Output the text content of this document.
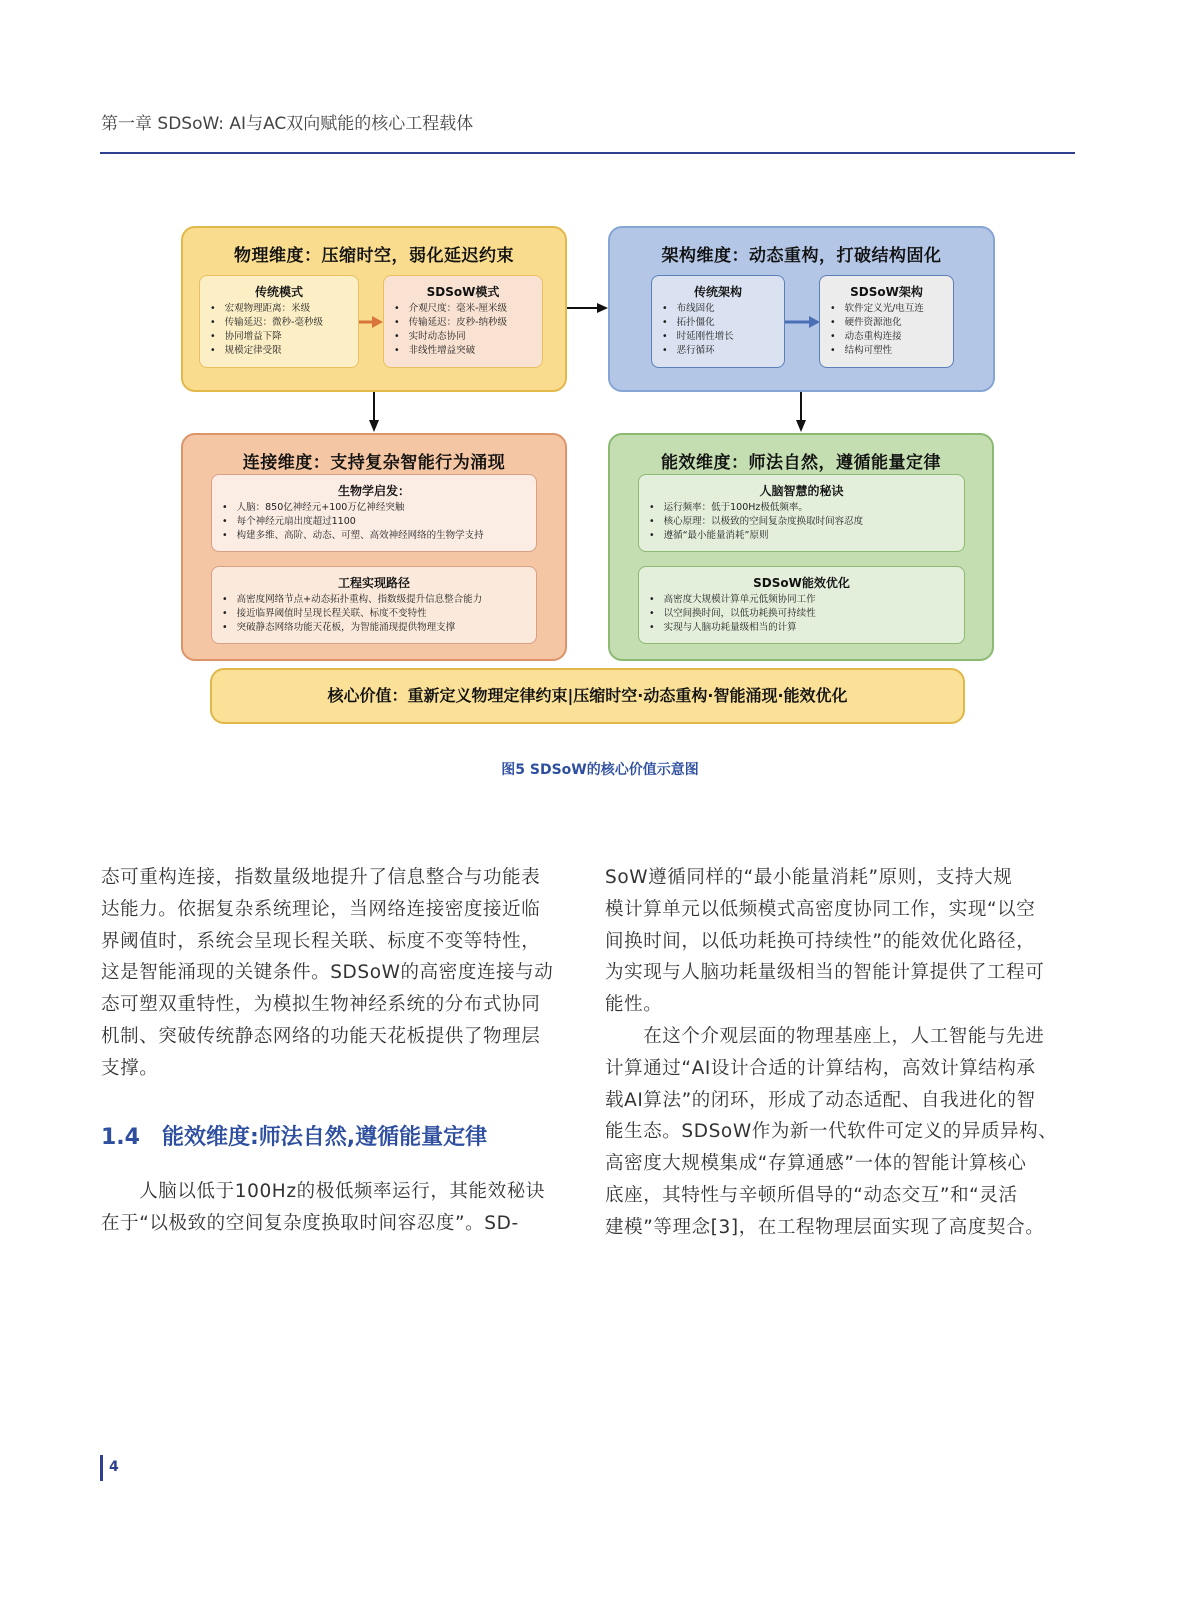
第一章 SDSoW: AI与AC双向赋能的核心工程载体
物理维度：压缩时空，弱化延迟约束
传统模式
• 宏观物理距离：米级
• 传输延迟：微秒-毫秒级
• 协同增益下降
• 规模定律受限
SDSoW模式
• 介观尺度：毫米-厘米级
• 传输延迟：皮秒-纳秒级
• 实时动态协同
• 非线性增益突破
架构维度：动态重构，打破结构固化
传统架构
• 布线固化
• 拓扑僵化
• 时延刚性增长
• 恶行循环
SDSoW架构
• 软件定义光/电互连
• 硬件资源池化
• 动态重构连接
• 结构可塑性
连接维度：支持复杂智能行为涌现
生物学启发：
• 人脑：850亿神经元+100万亿神经突触
• 每个神经元扇出度超过1100
• 构建多维、高阶、动态、可塑、高效神经网络的生物学支持
工程实现路径
• 高密度网络节点+动态拓扑重构、指数级提升信息整合能力
• 接近临界阈值时呈现长程关联、标度不变特性
• 突破静态网络功能天花板，为智能涌现提供物理支撑
能效维度：师法自然，遵循能量定律
人脑智慧的秘诀
• 运行频率：低于100Hz极低频率。
• 核心原理：以极致的空间复杂度换取时间容忍度
• 遵循“最小能量消耗”原则
SDSoW能效优化
• 高密度大规模计算单元低频协同工作
• 以空间换时间，以低功耗换可持续性
• 实现与人脑功耗量级相当的计算
核心价值：重新定义物理定律约束|压缩时空·动态重构·智能涌现·能效优化
图5 SDSoW的核心价值示意图
态可重构连接，指数量级地提升了信息整合与功能表
达能力。依据复杂系统理论，当网络连接密度接近临
界阈值时，系统会呈现长程关联、标度不变等特性，
这是智能涌现的关键条件。SDSoW的高密度连接与动
态可塑双重特性，为模拟生物神经系统的分布式协同
机制、突破传统静态网络的功能天花板提供了物理层
支撑。
1.4 能效维度:师法自然,遵循能量定律
　　人脑以低于100Hz的极低频率运行，其能效秘诀
在于“以极致的空间复杂度换取时间容忍度”。SD-
SoW遵循同样的“最小能量消耗”原则，支持大规
模计算单元以低频模式高密度协同工作，实现“以空
间换时间，以低功耗换可持续性”的能效优化路径，
为实现与人脑功耗量级相当的智能计算提供了工程可
能性。
　　在这个介观层面的物理基座上，人工智能与先进
计算通过“AI设计合适的计算结构，高效计算结构承
载AI算法”的闭环，形成了动态适配、自我进化的智
能生态。SDSoW作为新一代软件可定义的异质异构、
高密度大规模集成“存算通感”一体的智能计算核心
底座，其特性与辛顿所倡导的“动态交互”和“灵活
建模”等理念[3]，在工程物理层面实现了高度契合。
4
